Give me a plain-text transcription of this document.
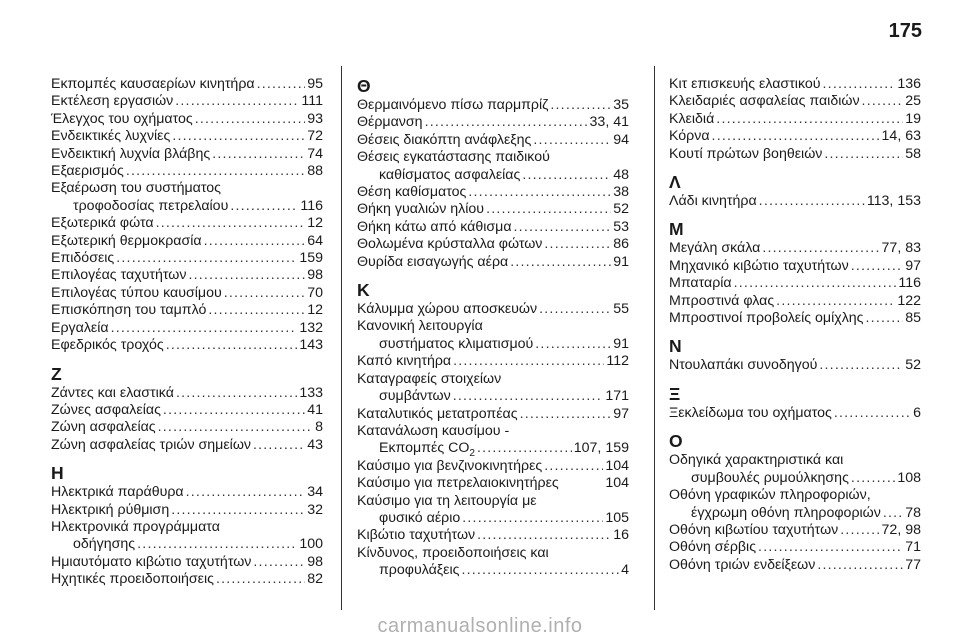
175
Εκπομπές καυσαερίων κινητήρα .....	95
Εκτέλεση εργασιών .....	111
Έλεγχος του οχήματος .....	93
Ενδεικτικές λυχνίες .....	72
Ενδεικτική λυχνία βλάβης .....	74
Εξαερισμός .....	88
Εξαέρωση του συστήματος
τροφοδοσίας πετρελαίου .....	116
Εξωτερικά φώτα .....	12
Εξωτερική θερμοκρασία .....	64
Επιδόσεις .....	159
Επιλογέας ταχυτήτων .....	98
Επιλογέας τύπου καυσίμου .....	70
Επισκόπηση του ταμπλό .....	12
Εργαλεία .....	132
Εφεδρικός τροχός .....	143
Ζ
Ζάντες και ελαστικά .....	133
Ζώνες ασφαλείας .....	41
Ζώνη ασφαλείας .....	8
Ζώνη ασφαλείας τριών σημείων .....	43
Η
Ηλεκτρικά παράθυρα .....	34
Ηλεκτρική ρύθμιση .....	32
Ηλεκτρονικά προγράμματα
οδήγησης .....	100
Ημιαυτόματο κιβώτιο ταχυτήτων .....	98
Ηχητικές προειδοποιήσεις .....	82
Θ
Θερμαινόμενο πίσω παρμπρίζ .....	35
Θέρμανση .....	33, 41
Θέσεις διακόπτη ανάφλεξης .....	94
Θέσεις εγκατάστασης παιδικού
καθίσματος ασφαλείας .....	48
Θέση καθίσματος .....	38
Θήκη γυαλιών ηλίου .....	52
Θήκη κάτω από κάθισμα .....	53
Θολωμένα κρύσταλλα φώτων .....	86
Θυρίδα εισαγωγής αέρα .....	91
Κ
Κάλυμμα χώρου αποσκευών .....	55
Κανονική λειτουργία
συστήματος κλιματισμού .....	91
Καπό κινητήρα .....	112
Καταγραφείς στοιχείων
συμβάντων .....	171
Καταλυτικός μετατροπέας .....	97
Κατανάλωση καυσίμου -
Εκπομπές $CO_2$ .....	107, 159
Καύσιμο για βενζινοκινητήρες .....	104
Καύσιμο για πετρελαιοκινητήρες	104
Καύσιμο για τη λειτουργία με
φυσικό αέριο .....	105
Κιβώτιο ταχυτήτων .....	16
Κίνδυνος, προειδοποιήσεις και
προφυλάξεις .....	4
Κιτ επισκευής ελαστικού .....	136
Κλειδαριές ασφαλείας παιδιών .....	25
Κλειδιά .....	19
Κόρνα .....	14, 63
Κουτί πρώτων βοηθειών .....	58
Λ
Λάδι κινητήρα .....	113, 153
Μ
Μεγάλη σκάλα .....	77, 83
Μηχανικό κιβώτιο ταχυτήτων .....	97
Μπαταρία .....	116
Μπροστινά φλας .....	122
Μπροστινοί προβολείς ομίχλης .....	85
Ν
Ντουλαπάκι συνοδηγού .....	52
Ξ
Ξεκλείδωμα του οχήματος .....	6
Ο
Οδηγικά χαρακτηριστικά και
συμβουλές ρυμούλκησης .....	108
Οθόνη γραφικών πληροφοριών,
έγχρωμη οθόνη πληροφοριών ..... 78
Οθόνη κιβωτίου ταχυτήτων .....	72, 98
Οθόνη σέρβις .....	71
Οθόνη τριών ενδείξεων .....	77
carmanualsonline.info
